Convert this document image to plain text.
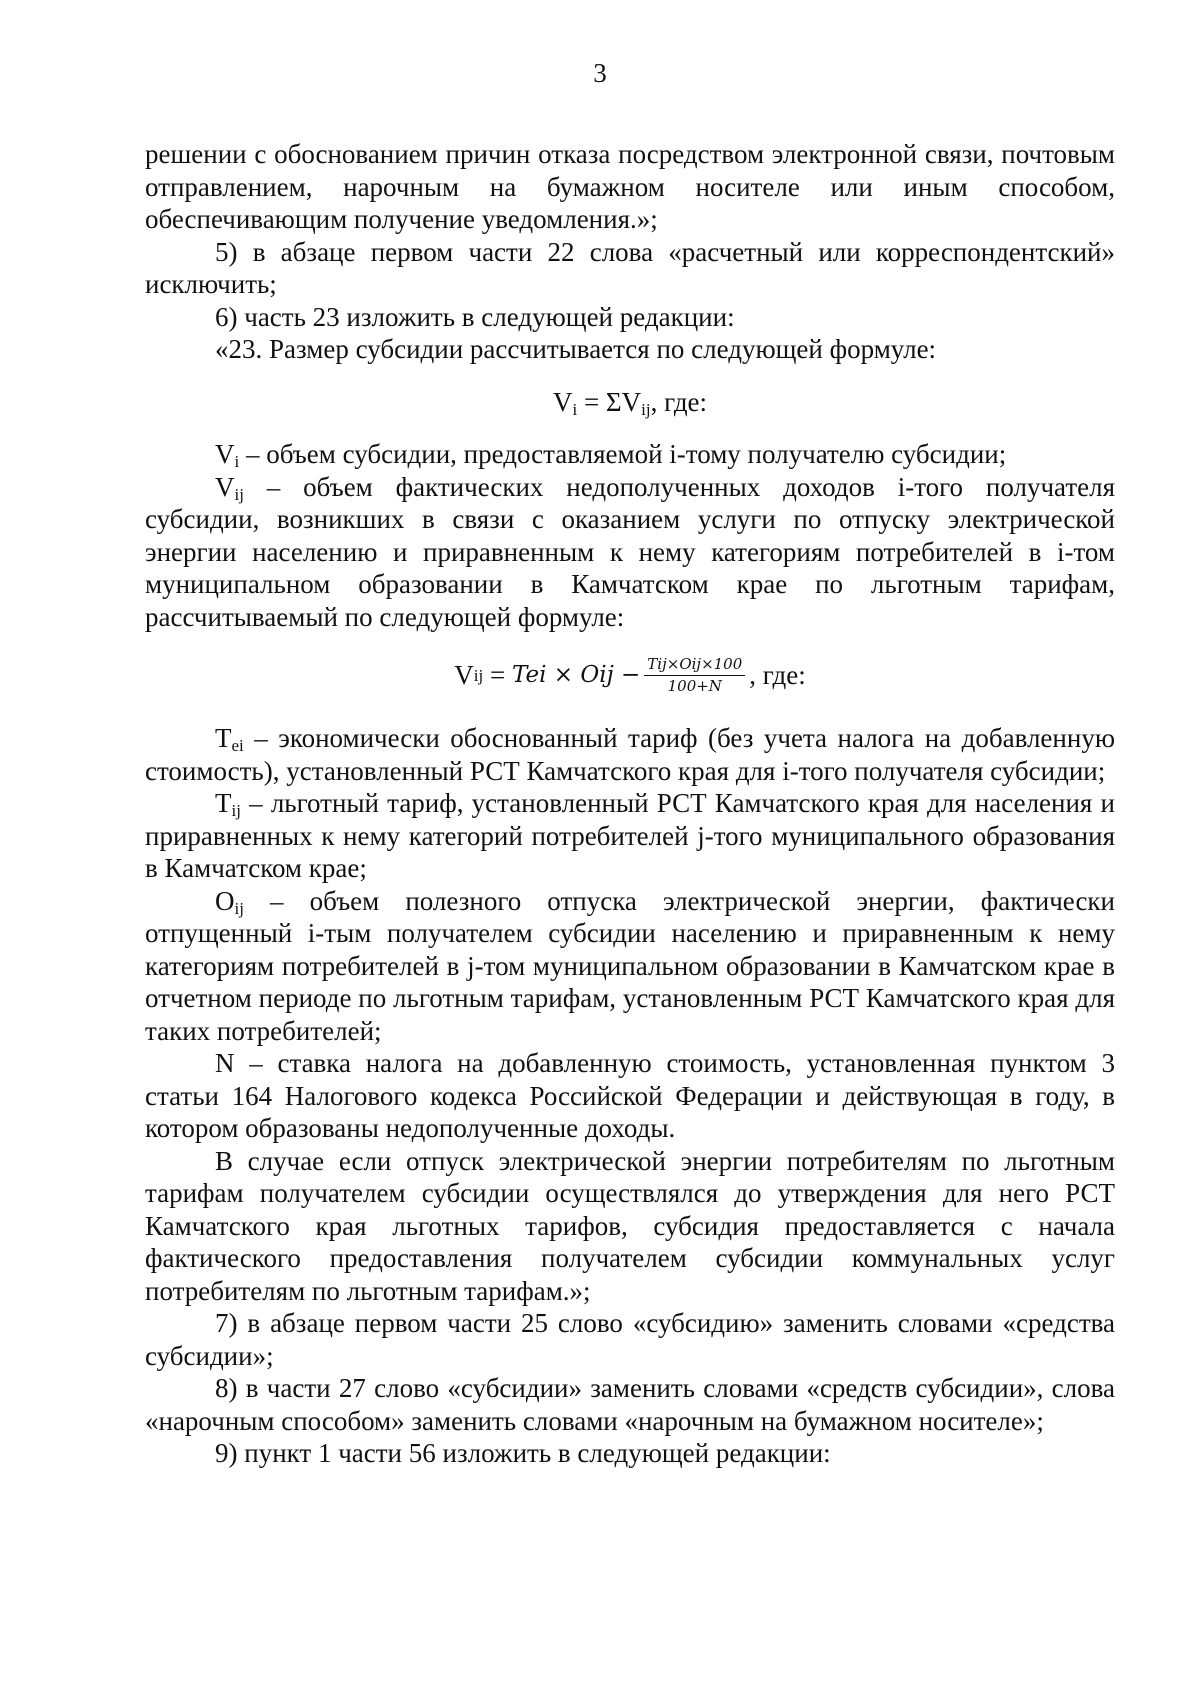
3

решении с обоснованием причин отказа посредством электронной связи, почтовым отправлением, нарочным на бумажном носителе или иным способом, обеспечивающим получение уведомления.»;

5) в абзаце первом части 22 слова «расчетный или корреспондентский» исключить;

6) часть 23 изложить в следующей редакции:

«23. Размер субсидии рассчитывается по следующей формуле:

$V_i = \Sigma V_{ij}$, где:

$V_i$ – объем субсидии, предоставляемой i-тому получателю субсидии;

$V_{ij}$ – объем фактических недополученных доходов i-того получателя субсидии, возникших в связи с оказанием услуги по отпуску электрической энергии населению и приравненным к нему категориям потребителей в i-том муниципальном образовании в Камчатском крае по льготным тарифам, рассчитываемый по следующей формуле:

V ij = Tei × Oij − $\frac{\text{Tij×Oij×100}}{100+N}$ , где:

$T_{ei}$ – экономически обоснованный тариф (без учета налога на добавленную стоимость), установленный РСТ Камчатского края для i-того получателя субсидии;

$T_{ij}$ – льготный тариф, установленный РСТ Камчатского края для населения и приравненных к нему категорий потребителей j-того муниципального образования в Камчатском крае;

$O_{ij}$ – объем полезного отпуска электрической энергии, фактически отпущенный i-тым получателем субсидии населению и приравненным к нему категориям потребителей в j-том муниципальном образовании в Камчатском крае в отчетном периоде по льготным тарифам, установленным РСТ Камчатского края для таких потребителей;

N – ставка налога на добавленную стоимость, установленная пунктом 3 статьи 164 Налогового кодекса Российской Федерации и действующая в году, в котором образованы недополученные доходы.

В случае если отпуск электрической энергии потребителям по льготным тарифам получателем субсидии осуществлялся до утверждения для него РСТ Камчатского края льготных тарифов, субсидия предоставляется с начала фактического предоставления получателем субсидии коммунальных услуг потребителям по льготным тарифам.»;

7) в абзаце первом части 25 слово «субсидию» заменить словами «средства субсидии»;

8) в части 27 слово «субсидии» заменить словами «средств субсидии», слова «нарочным способом» заменить словами «нарочным на бумажном носителе»;

9) пункт 1 части 56 изложить в следующей редакции:
